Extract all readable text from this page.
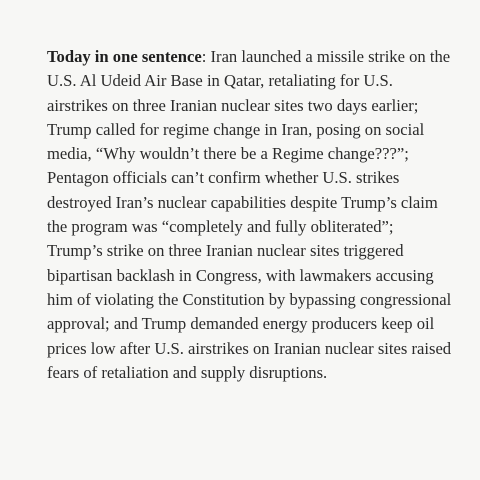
Today in one sentence: Iran launched a missile strike on the U.S. Al Udeid Air Base in Qatar, retaliating for U.S. airstrikes on three Iranian nuclear sites two days earlier; Trump called for regime change in Iran, posing on social media, “Why wouldn’t there be a Regime change???”; Pentagon officials can’t confirm whether U.S. strikes destroyed Iran’s nuclear capabilities despite Trump’s claim the program was “completely and fully obliterated”; Trump’s strike on three Iranian nuclear sites triggered bipartisan backlash in Congress, with lawmakers accusing him of violating the Constitution by bypassing congressional approval; and Trump demanded energy producers keep oil prices low after U.S. airstrikes on Iranian nuclear sites raised fears of retaliation and supply disruptions.
